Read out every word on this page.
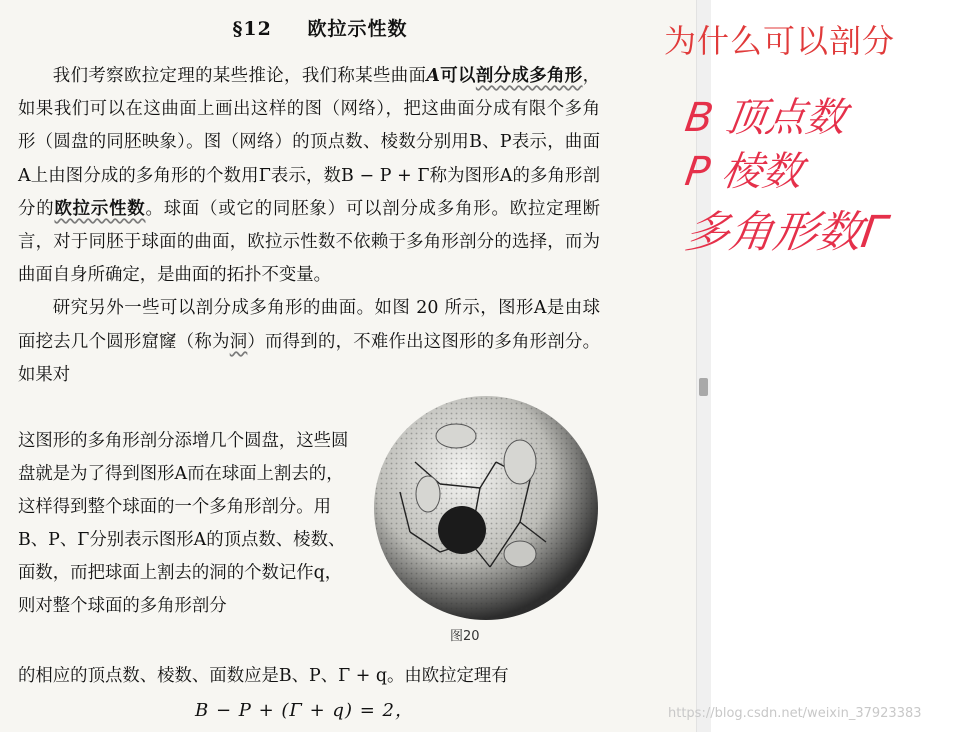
§12 欧拉示性数

我们考察欧拉定理的某些推论，我们称某些曲面A可以剖分成多角形，如果我们可以在这曲面上画出这样的图（网络），把这曲面分成有限个多角形（圆盘的同胚映象）。图（网络）的顶点数、棱数分别用B、P表示，曲面A上由图分成的多角形的个数用Γ表示，数B − P + Γ称为图形A的多角形剖分的欧拉示性数。球面（或它的同胚象）可以剖分成多角形。欧拉定理断言，对于同胚于球面的曲面，欧拉示性数不依赖于多角形剖分的选择，而为曲面自身所确定，是曲面的拓扑不变量。

研究另外一些可以剖分成多角形的曲面。如图 20 所示，图形A是由球面挖去几个圆形窟窿（称为洞）而得到的，不难作出这图形的多角形剖分。如果对

这图形的多角形剖分添增几个圆盘，这些圆盘就是为了得到图形A而在球面上割去的，这样得到整个球面的一个多角形剖分。用B、P、Γ分别表示图形A的顶点数、棱数、面数，而把球面上割去的洞的个数记作q，则对整个球面的多角形剖分

的相应的顶点数、棱数、面数应是B、P、Γ + q。由欧拉定理有
B − P + (Γ + q) = 2，
图20
为什么可以剖分
B 顶点数
P 棱数
多角形数Γ
https://blog.csdn.net/weixin_37923383
